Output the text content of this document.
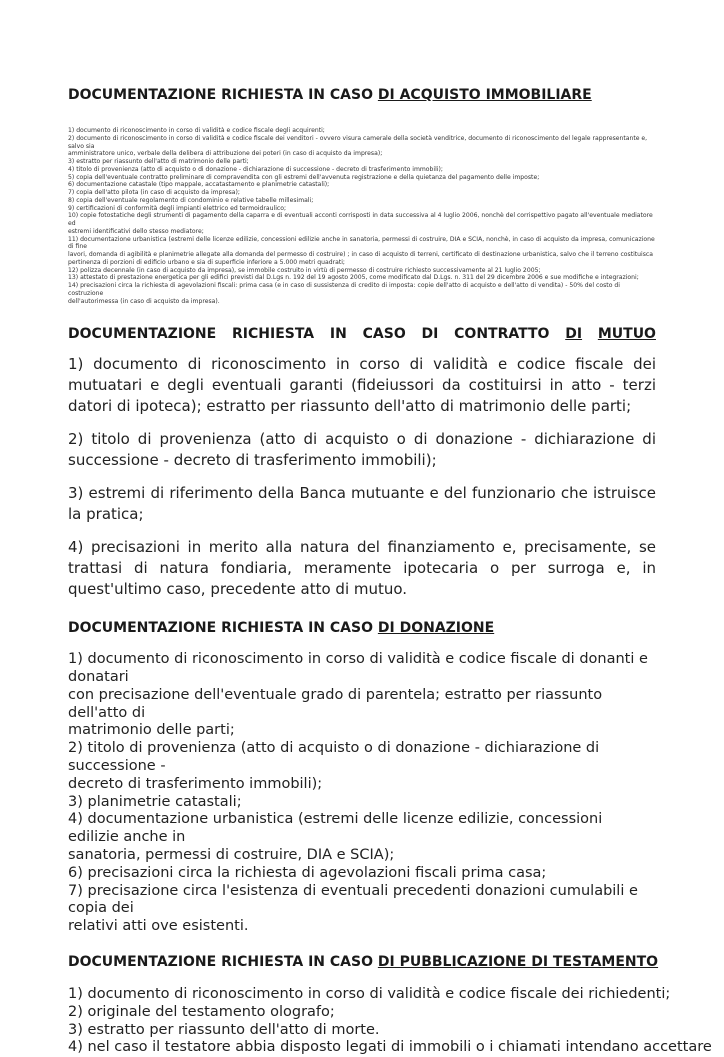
DOCUMENTAZIONE RICHIESTA IN CASO DI ACQUISTO IMMOBILIARE
1) documento di riconoscimento in corso di validità e codice fiscale degli acquirenti;
2) documento di riconoscimento in corso di validità e codice fiscale dei venditori - ovvero visura camerale della società venditrice, documento di riconoscimento del legale rappresentante e, salvo sia
amministratore unico, verbale della delibera di attribuzione dei poteri (in caso di acquisto da impresa);
3) estratto per riassunto dell'atto di matrimonio delle parti;
4) titolo di provenienza (atto di acquisto o di donazione - dichiarazione di successione - decreto di trasferimento immobili);
5) copia dell'eventuale contratto preliminare di compravendita con gli estremi dell'avvenuta registrazione e della quietanza del pagamento delle imposte;
6) documentazione catastale (tipo mappale, accatastamento e planimetrie catastali);
7) copia dell'atto pilota (in caso di acquisto da impresa);
8) copia dell'eventuale regolamento di condominio e relative tabelle millesimali;
9) certificazioni di conformità degli impianti elettrico ed termoidraulico;
10) copie fotostatiche degli strumenti di pagamento della caparra e di eventuali acconti corrisposti in data successiva al 4 luglio 2006, nonchè del corrispettivo pagato all'eventuale mediatore ed
estremi identificativi dello stesso mediatore;
11) documentazione urbanistica (estremi delle licenze edilizie, concessioni edilizie anche in sanatoria, permessi di costruire, DIA e SCIA, nonchè, in caso di acquisto da impresa, comunicazione di fine
lavori, domanda di agibilità e planimetrie allegate alla domanda del permesso di costruire) ; in caso di acquisto di terreni, certificato di destinazione urbanistica, salvo che il terreno costituisca
pertinenza di porzioni di edificio urbano e sia di superficie inferiore a 5.000 metri quadrati;
12) polizza decennale (in caso di acquisto da impresa), se immobile costruito in virtù di permesso di costruire richiesto successivamente al 21 luglio 2005;
13) attestato di prestazione energetica per gli edifici previsti dal D.Lgs n. 192 del 19 agosto 2005, come modificato dal D.Lgs. n. 311 del 29 dicembre 2006 e sue modifiche e integrazioni;
14) precisazioni circa la richiesta di agevolazioni fiscali: prima casa (e in caso di sussistenza di credito di imposta: copie dell'atto di acquisto e dell'atto di vendita) - 50% del costo di costruzione
dell'autorimessa (in caso di acquisto da impresa).
DOCUMENTAZIONE RICHIESTA IN CASO DI CONTRATTO DI MUTUO

1) documento di riconoscimento in corso di validità e codice fiscale dei mutuatari e degli eventuali garanti (fideiussori da costituirsi in atto - terzi datori di ipoteca); estratto per riassunto dell'atto di matrimonio delle parti;

2) titolo di provenienza (atto di acquisto o di donazione - dichiarazione di successione - decreto di trasferimento immobili);

3) estremi di riferimento della Banca mutuante e del funzionario che istruisce la pratica;

4) precisazioni in merito alla natura del finanziamento e, precisamente, se trattasi di natura fondiaria, meramente ipotecaria o per surroga e, in quest'ultimo caso, precedente atto di mutuo.

DOCUMENTAZIONE RICHIESTA IN CASO DI DONAZIONE
1) documento di riconoscimento in corso di validità e codice fiscale di donanti e donatari
con precisazione dell'eventuale grado di parentela; estratto per riassunto dell'atto di
matrimonio delle parti;
2) titolo di provenienza (atto di acquisto o di donazione - dichiarazione di successione -
decreto di trasferimento immobili);
3) planimetrie catastali;
4) documentazione urbanistica (estremi delle licenze edilizie, concessioni edilizie anche in
sanatoria, permessi di costruire, DIA e SCIA);
6) precisazioni circa la richiesta di agevolazioni fiscali prima casa;
7) precisazione circa l'esistenza di eventuali precedenti donazioni cumulabili e copia dei
relativi atti ove esistenti.
DOCUMENTAZIONE RICHIESTA IN CASO DI PUBBLICAZIONE DI TESTAMENTO
1) documento di riconoscimento in corso di validità e codice fiscale dei richiedenti;
2) originale del testamento olografo;
3) estratto per riassunto dell'atto di morte.
4) nel caso il testatore abbia disposto legati di immobili o i chiamati intendano accettare
